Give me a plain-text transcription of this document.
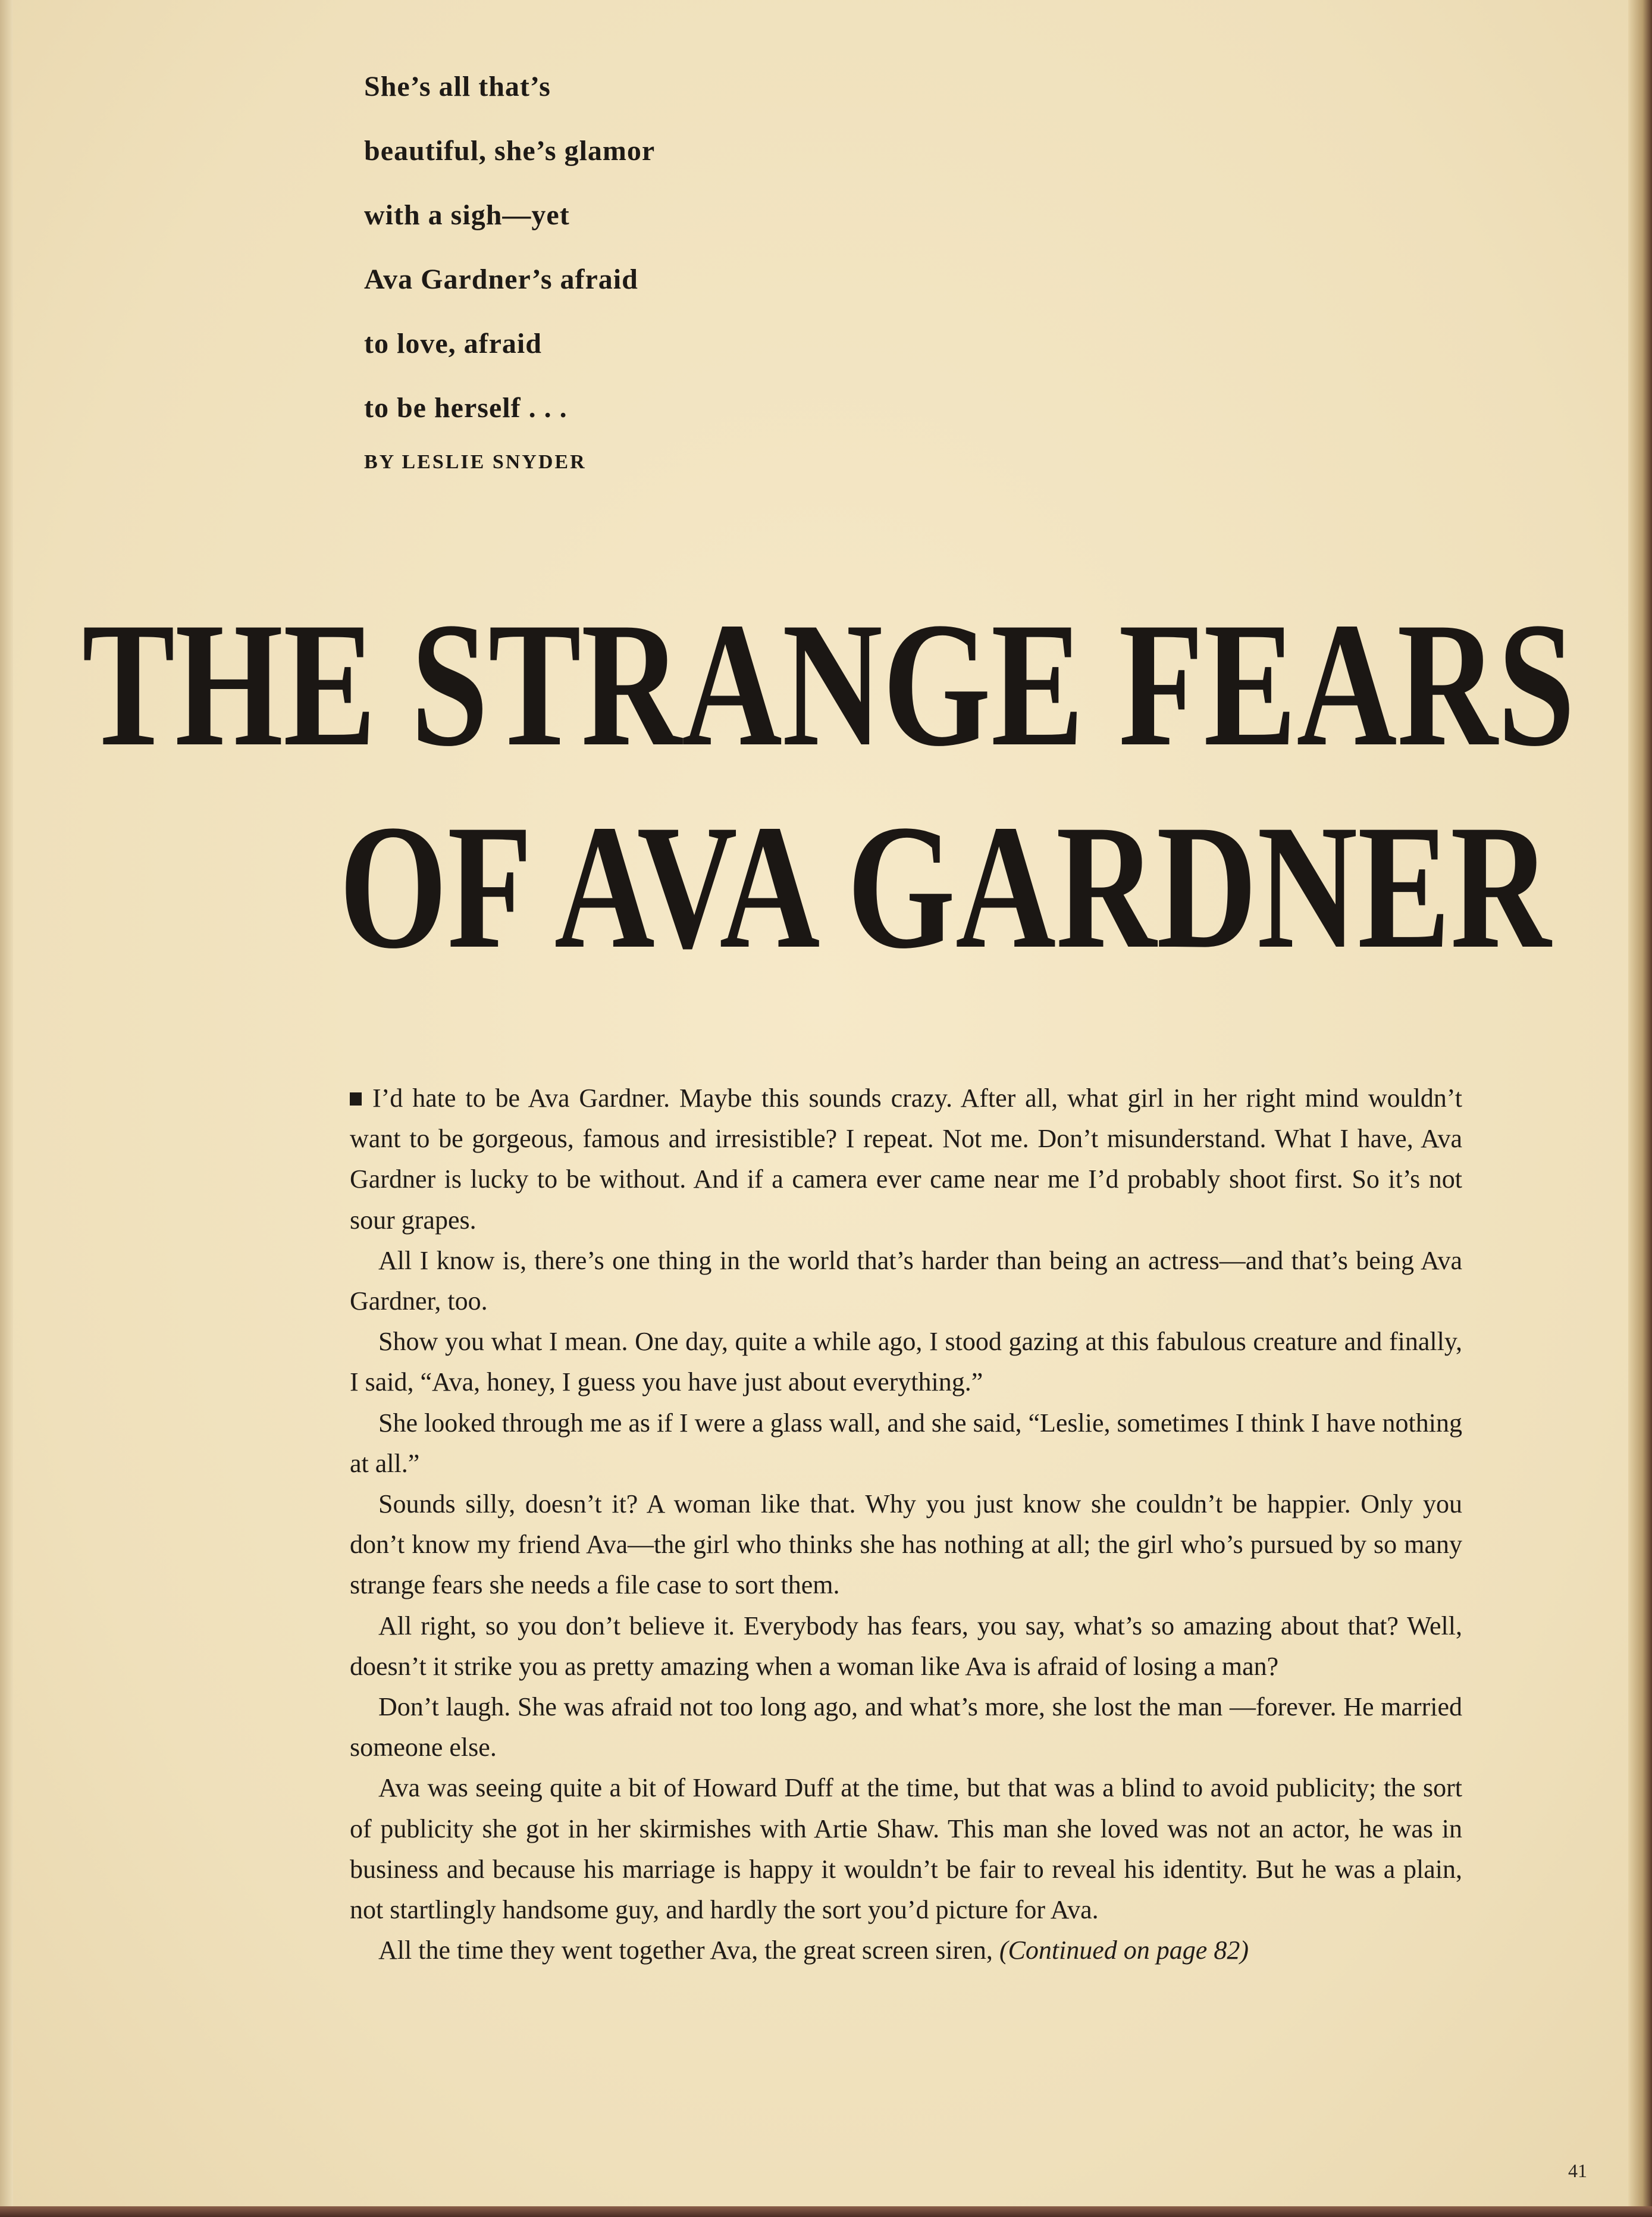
She’s all that’s
beautiful, she’s glamor
with a sigh—yet
Ava Gardner’s afraid
to love, afraid
to be herself . . .
BY LESLIE SNYDER
THE STRANGE FEARS
OF AVA GARDNER

I’d hate to be Ava Gardner. Maybe this sounds crazy. After all, what girl in her right mind wouldn’t want to be gorgeous, famous and irresistible? I repeat. Not me. Don’t misunderstand. What I have, Ava Gardner is lucky to be without. And if a camera ever came near me I’d probably shoot first. So it’s not sour grapes.

All I know is, there’s one thing in the world that’s harder than being an actress—and that’s being Ava Gardner, too.

Show you what I mean. One day, quite a while ago, I stood gazing at this fabulous creature and finally, I said, “Ava, honey, I guess you have just about everything.”

She looked through me as if I were a glass wall, and she said, “Leslie, sometimes I think I have nothing at all.”

Sounds silly, doesn’t it? A woman like that. Why you just know she couldn’t be happier. Only you don’t know my friend Ava—the girl who thinks she has nothing at all; the girl who’s pursued by so many strange fears she needs a file case to sort them.

All right, so you don’t believe it. Everybody has fears, you say, what’s so amazing about that? Well, doesn’t it strike you as pretty amazing when a woman like Ava is afraid of losing a man?

Don’t laugh. She was afraid not too long ago, and what’s more, she lost the man —forever. He married someone else.

Ava was seeing quite a bit of Howard Duff at the time, but that was a blind to avoid publicity; the sort of publicity she got in her skirmishes with Artie Shaw. This man she loved was not an actor, he was in business and because his marriage is happy it wouldn’t be fair to reveal his identity. But he was a plain, not startlingly handsome guy, and hardly the sort you’d picture for Ava.

All the time they went together Ava, the great screen siren, (Continued on page 82)

41
